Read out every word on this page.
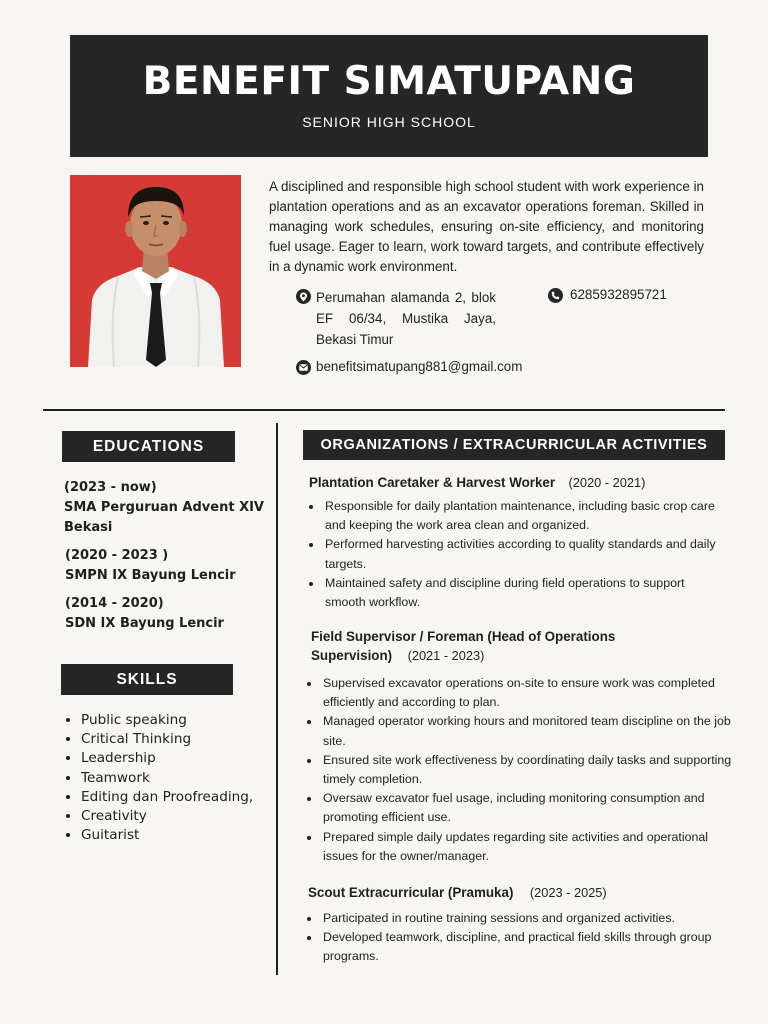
BENEFIT SIMATUPANG
SENIOR HIGH SCHOOL
A disciplined and responsible high school student with work experience in plantation operations and as an excavator operations foreman. Skilled in managing work schedules, ensuring on-site efficiency, and monitoring fuel usage. Eager to learn, work toward targets, and contribute effectively in a dynamic work environment.
Perumahan alamanda 2, blok EF 06/34, Mustika Jaya, Bekasi Timur
6285932895721
benefitsimatupang881@gmail.com
EDUCATIONS
(2023 - now)
SMA Perguruan Advent XIV Bekasi
(2020 - 2023 )
SMPN IX Bayung Lencir
(2014 - 2020)
SDN IX Bayung Lencir
SKILLS
• Public speaking
• Critical Thinking
• Leadership
• Teamwork
• Editing dan Proofreading,
• Creativity
• Guitarist
ORGANIZATIONS / EXTRACURRICULAR ACTIVITIES
Plantation Caretaker & Harvest Worker (2020 - 2021)
• Responsible for daily plantation maintenance, including basic crop care and keeping the work area clean and organized.
• Performed harvesting activities according to quality standards and daily targets.
• Maintained safety and discipline during field operations to support smooth workflow.
Field Supervisor / Foreman (Head of Operations
Supervision) (2021 - 2023)
• Supervised excavator operations on-site to ensure work was completed efficiently and according to plan.
• Managed operator working hours and monitored team discipline on the job site.
• Ensured site work effectiveness by coordinating daily tasks and supporting timely completion.
• Oversaw excavator fuel usage, including monitoring consumption and promoting efficient use.
• Prepared simple daily updates regarding site activities and operational issues for the owner/manager.
Scout Extracurricular (Pramuka) (2023 - 2025)
• Participated in routine training sessions and organized activities.
• Developed teamwork, discipline, and practical field skills through group programs.
